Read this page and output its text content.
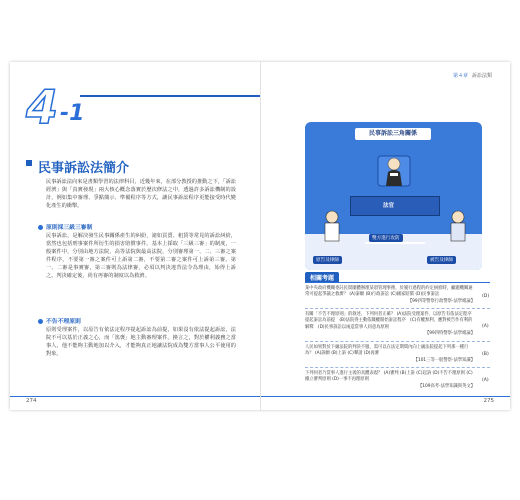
4 -1
民事訴訟法簡介
民事訴訟法向來是書類學習的法律科目，近幾年來，在部分教授的推動之下，「訴訟經濟」與「真實發現」兩大核心概念落實於歷次修法之中，透過許多訴訟機制的設計，例如集中審理、爭點簡示、準備程序等方式，讓民事訴訟程序更能接受時代變化產生的衝擊。
原則採三級三審制
民事訴訟，是解決發生民事關係產生的糾紛，諸如買賣、租賃等常見的訴訟糾紛，當然也包括刑事案件所衍生的損害賠償事件。基本上採取「三級三審」的制度，一般案件中，分別由地方法院、高等法院與最高法院，分別審理第一、二、三審之案件程序。不要第一審之案件可上訴第二審，不要第二審之案件可上訴第三審。第一、二審是事實審，第三審則為法律審，必須以判決違背法令為理由，始得上訴之。判決確定後，尚有再審的制度以為救濟。
不告不理原則
原則受理案件，以原告有依法定程序提起訴訟為前提，如果沒有依法提起訴訟，法院不可以基於正義之心，而「篤褒」地主動審理案件。換言之，對於權利義務之當事人，他不能夠主動地加以介入，才能夠真正地讓法院成為雙方當事人公平使用的對象。
274
第４章 訴訟法類
民事訴訟三角關係
法官
雙方進行攻防
原告及律師	被告及律師
相關考題
某中央政府機關委託民間團體辦理某項管理事務，於履行過程的約定糾紛時，顧題機關通常可提起爭議之救濟？ (A)訴願 (B)行政訴訟 (C)國家賠償 (D)民事訴訟
【99四等警察行政警察-法學緒論】
(D)
有關「不告不理原則」的敘述，下列何者正確？ (A)法院受理案件，以原告有依法定程序提起訴訟為前提　(B)法院得主動依職權開始訴訟程序　(C)有權無利，應對被告作有利的解釋　(D)民事訴訟以兩造當事人同意為原則
【99四特警察-法學緒論】
(A)
人民如果對於下級法院的判決不服，需可以在法定期間內向上級法院提起下列那一種行為？ (A)訴願 (B)上訴 (C)聲請 (D)再審
【101三等一般警察-法學知識】
(B)
下列何者乃當事人進行主義的具體表現？ (A)審判 (B)上訴 (C)起訴 (D)不告不理原則 (C)據立審判原則 (D)一事不再理原則
【109高考-法學知識與英文】
(A)
275
